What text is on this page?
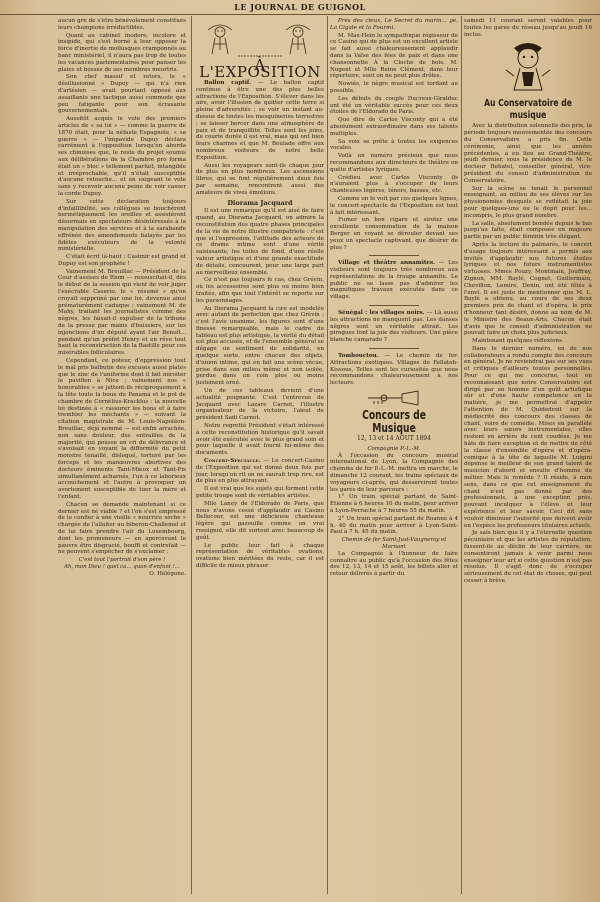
LE JOURNAL DE GUIGNOL

aucun gré de s'être bénévolement constitués leurs champions irréductibles.

Quant au cabinet inodore, incolore et insipide, qui s'est borné à leur opposer la force d'inertie de mollusques cramponnés au banc ministériel, il n'aura pas trop de toutes les vacances parlementaires pour panser les plaies et bosses de ses membres meurtris.

Son chef massif et retors, le « désillusionné » Dupuy — qui n'a rien d'artésien — avait pourtant opposé aux assaillants une tactique aussi commode que peu fatigante pour son écrasante gouvernementale.

Aussitôt acquis le vote des premiers articles de « sa loi » — comme la guerre de 1870 était, pour la néfaste Espagnole, « sa guerre » — l'impavide Dupuy déclara carrément à l'opposition lorsqu'en aborda ses chinoises que, le reste du projet soumis aux délibérations de la Chambre pro forma était un « bloc » tellement parfait, intangible et irréprochable, qu'il n'était susceptible d'aucune retouche... et en exigeant le vote sans y recevoir aucune peine de voir casser la corde Dupuy.

Sur cette déclaration toujours d'infaillibilité, ses collègues se bouchèrent hermétiquement les oreilles et assistèrent désormais en spectateurs désintéressés à la manipulation des services et à la sarabande effrénée des amendements balayés par les fidèles exécuteurs de la volonté ministérielle.

C'était écrit là-haut : Casimir est grand et Dupuy est son prophète !

Vainement M. Breuillac — Président de la Cour d'assises de Riom — ressuscitait-il, dès le début de la session qui vient de voir juger l'exécrable Caserio, le « résumé » qu'on croyait supprimé par une loi, devenue ainsi prématurément caduque ; vainement M. de Mahy, traitant les journalistes comme des nègres, les faisait-il expulser de la tribune de la presse par mains d'huissiers, sur les injonctions d'un député ayant l'air Benoît... pendant qu'un préfet Henry et en rêve tout haut la reconstruction de la Bastille pour ces misérables folliculaires.

Cependant, ce poteur, d'oppression tout le mal pris balbutie des excuses aussi plates que le zinc de l'uniforme dont il fait miroiter le pavillon à Nice ; vainement nos « honorables » se jettent-ils réciproquement à la tête toute la boue du Panama et le pot de chambre de Cornélius-Kracklus : la nouvelle loi destinée à « rassurer les bons et à faire trembler les méchants » — suivant la citation magistrale de M. Louis-Napoléon-Breuillac, déjà nommé — est enfin arrachée, non sans douleur, des entrailles de la majorité, qui pousse un cri de délivrance et s'avoisait en voyant la difformité du petit monstre tenaillé, disloqué, torturé par les forceps et les manœuvres abortives des docteurs éminents Tant-Mieux et Tant-Pis simultanément acharnés, l'un à ce laborieux accouchement et l'autre à provoquer un avortement susceptible de tuer la mère et l'enfant.

Chacun se demande maintenant si ce dernier est né viable ? et l'on s'est empressé de le confier à une vieille « nourrice sèche » chargée de l'allaiter au biberon-Challemel et de lui faire prendre l'air du Luxembourg, dont les promeneurs — en apercevant le pauvre être disgracié, bouffi et contrefait — ne peuvent s'empêcher de s'exclamer :

C'est tout l'portrait d'son père !
Ah, mon Dieu ! quel ca... quan d'enfant !...
O. Hélégone.
À L'EXPOSITION

Ballon captif. — Le ballon captif continue à être une des plus belles attractions de l'Exposition. S'élever dans les airs, avoir l'illusion de quitter cette terre si pleine d'adversités ; se voir un instant au-dessus de toutes les mesquineries terrestres ; se laisser bercer dans une atmosphère de paix et de tranquillité. Telles sont les joies, de courte durée il est vrai, mais qui ont bien leurs charmes et que M. Boulade offre aux nombreux visiteurs de notre belle Exposition.

Aussi les voyageurs sont-ils chaque jour de plus en plus nombreux. Les ascensions libres, qui se font régulièrement deux fois par semaine, rencontrent aussi des amateurs de vives émotions.

Diorama Jacquard

Il est une remarque qu'il est aisé de faire quand, au Diorama Jacquard, on admire la reconstitution des quatre phases principales de la vie de notre illustre compatriote : c'est que si l'expression, l'attitude des acteurs de ce drame intime sont d'une vérité saisissante, les toiles de fond, d'une réelle valeur artistique et d'une grande exactitude de détails, concourent, pour une large part au merveilleux ensemble.

Ce n'est pas toujours le cas, chez Grévin, où les accessoires sont plus ou moins bien traités, afin que tout l'intérêt se reporte sur les personnages.

Au Diorama Jacquard la cire est modelée avec autant de perfection que chez Grévin ; c'est l'avis unanime, les figures sont d'une finesse remarquable, mais le cadre du tableau est plus artistique, la vérité du détail est plus accusée, et de l'ensemble général se dégage un sentiment de solidarité, en quelque sorte, entre chacun des objets, d'union intime, qui en fait une scène vécue, prise dans son milieu même et non isolée, perdue dans un coin plus ou moins justement orné.

Un de ces tableaux devient d'une actualité poignante. C'est l'entrevue de Jacquard avec Lazare Carnot, l'illustre organisateur de la victoire, l'aïeul de président Sadi Carnot.

Notre regretté Président s'était intéressé à cette reconstitution historique qu'il savait avoir été exécutée avec le plus grand soin et pour laquelle il avait fourni lui-même des documents.

Concert-Spectacle. — Le concert-Casino de l'Exposition qui est donné deux fois par jour, lorsqu'on rit on ne saurait trop rire, est de plus en plus attrayant.

Il est vrai que les sujets qui forment cette petite troupe sont de véritables artistes.

Mlle Laney de l'Eldorado de Paris, que nous n'avons cessé d'applaudir au Casino Bellecour, est une délicieuse chanteuse légère qui gazouille comme un vrai rossignol, elle dit surtout avec beaucoup de goût.

Le public leur fait à chaque représentation de véritables ovations, ovations bien méritées du reste, car il est difficile de mieux phraser

Près des cieux, Le Secret du marin... ge, La Cigale et la Fourmi.

M. Max-Hein le sympathique régisseur de ce Casino qui de plus est un excellent artiste se fait aussi chaleureusement applaudir dans la Valse des fées de paix et dans une chansonnette À la Cloche de bois. M. Nogent et Mlle Reine Clément, dans leur répertoire, sont on ne peut plus drôles.

Nowiés, le nègre musical est tordant au possible.

Les débuts du couple Ducreux-Giralduc ont été un véritable succès pour ces deux étoiles de l'Eldorado de Paris.

Que dire de Carlos Visconty qui a été absolument extraordinaire dans ses talents multiples.

Sa voix se prête à toutes les exigences vocales.

Voilà un numéro précieux que nous recommandons aux directeurs de théâtre en quête d'artistes lyriques.

Crédieu avec Carlos Visconty ils n'auraient plus à s'occuper de leurs chanteuses légères, ténors, basses, etc.

Comme on le voit par ces quelques lignes, le concert-spectacle de l'Exposition est tout à fait intéressant.

Fumer un bon cigare et siroter une excellente consommation de la maison Berger en voyant se dérouler devant ses yeux un spectacle captivant, que désirer de plus ?

Village et théâtre annamites. — Les visiteurs sont toujours très nombreux aux représentations de la troupe annamite. Le public ne se lasse pas d'admirer les magnifiques travaux exécutés dans ce village.

Sénégal : les villages noirs. — Là aussi les attractions ne manquent pas. Les danses nègres sont un véritable attrait. Les pirogues font la joie des visiteurs. Une pièce blanche camarade ?

Tombouctou. — Le chemin de fer. Attractions exotiques. Villages de Fellatah-Kissous, Telles sont les curiosités que nous recommandons chaleureusement à nos lecteurs.

Concours de Musique
12, 13 et 14 AOUT 1894
Compagnie P.-L.-M.

À l'occasion du concours musical international de Lyon, la Compagnie des chemins de fer P.-L.-M. mettra en marche, le dimanche 12 courant, les trains spéciaux de voyageurs ci-après, qui desserviront toutes les gares de leur parcours :

1° Un train spécial partant de Saint-Etienne à 6 heures 10 du matin, pour arriver à Lyon-Perrache à 7 heures 55 du matin.

2° Un train spécial partant de Roanne à 4 h. 40 du matin pour arriver à Lyon-Saint-Paul à 7 h. 45 du matin.

Chemin de fer Saint-Just-Vaugneray et Mornant

La Compagnie à l'honneur de faire connaître au public qu'à l'occasion des fêtes des 12, 13, 14 et 15 août, les billets aller et retour délivrés à partir du

samedi 11 courant seront valables pour toutes les gares du réseau jusqu'au jeudi 16 inclus.

Au Conservatoire de musique

Avec la distribution solennelle des prix, la période toujours mouvementée des concours du Conservatoire a pris fin. Cette cérémonie, ainsi que les années précédentes, a eu lieu au Grand-Théâtre, jeudi dernier, sous la présidence de M. le docteur Rebatel, conseiller général, vice-président du conseil d'administration du Conservatoire.

Sur la scène se tenait le personnel enseignant, au milieu de ses élèves sur les physionomies desquels se reflétait la joie pour quelques-uns ou le dépit pour les... incompris, le plus grand nombre.

La salle, absolument bondée depuis le bas jusqu'au faîte, était composée en majeure partie par un public féminin très élégant.

Après la lecture du palmarès, le concert d'usage toujours intéressant a permis aux invités d'applaudir nos futures étoiles lyriques et nos futurs instrumentistes virtuoses. Mmes Pouzy, Montmain, Jouffray, Zignon, MM. Baylé, Cognet, Guillermain, Chevillon, Lemire, Denin, ont été fêtés à l'envi. Il est juste de mentionner que M. L. Baylé a obtenu, au cours de ses deux premiers prix de chant et d'opéra, le prix d'honneur tant désiré, donné au nom de M. le Ministre des Beaux-Arts. Chacun était d'avis que le conseil d'administration ne pouvait faire un choix plus judicieux.

Maintenant quelques réflexions.

Dans le dernier numéro, un de nos collaborateurs a rendu compte des concours en général. Je ne reviendrai pas sur ses vues et critiques d'ailleurs toutes personnelles. Pour ce qui me concerne, tout en reconnaissant que notre Conservatoire est dirigé par un homme d'un goût artistique sûr et d'une haute compétence en la matière, je me permettrai d'appeler l'attention de M. Quidedroit sur la médiocrité des concours des classes de chant, voire de comédie. Mises en parallèle avec leurs sœurs instrumentales, elles restent en arrière de cent coudées. Je me hâte de faire exception et de mettre de côté la classe d'ensemble d'opéra et d'opéra-comique à la tête de laquelle M. Luigini dépense le meilleur de son grand talent de musicien d'abord et ensuite d'homme du métier. Mais le remède ? Il réside, à mon sens, dans ce que cet enseignement du chant n'est pas donné par des professionnels, à une exception près, pouvant inculquer à l'élève et leur expérience et leur savoir. Ceci dit sans vouloir diminuer l'autorité que doivent avoir en l'espèce les professeurs titulaires actuels.

Je sais bien que il y a l'éternelle question pécuniaire et que les artistes de réputation, fussent-ils au déclin de leur carrière, ne consentiront jamais à venir parmi nous enseigner leur art si cette question n'est pas résolue. Il s'agit donc de s'occuper sérieusement de cet état de choses, qui peut cesser à brève
